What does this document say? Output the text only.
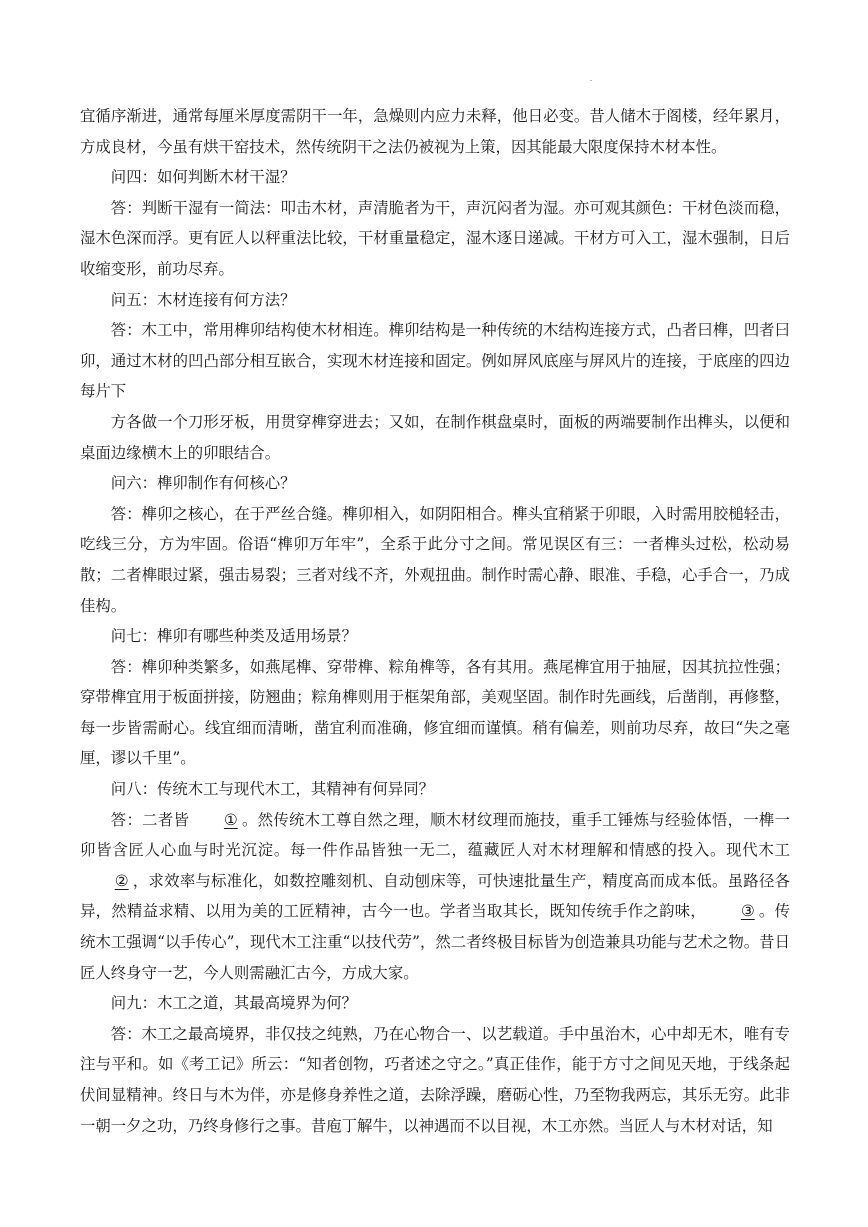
宜循序渐进，通常每厘米厚度需阴干一年，急燥则内应力未释，他日必变。昔人储木于阁楼，经年累月，方成良材，今虽有烘干窑技术，然传统阴干之法仍被视为上策，因其能最大限度保持木材本性。

问四：如何判断木材干湿？

答：判断干湿有一简法：叩击木材，声清脆者为干，声沉闷者为湿。亦可观其颜色：干材色淡而稳，湿木色深而浮。更有匠人以秤重法比较，干材重量稳定，湿木逐日递减。干材方可入工，湿木强制，日后收缩变形，前功尽弃。

问五：木材连接有何方法？

答：木工中，常用榫卯结构使木材相连。榫卯结构是一种传统的木结构连接方式，凸者曰榫，凹者曰卯，通过木材的凹凸部分相互嵌合，实现木材连接和固定。例如屏风底座与屏风片的连接，于底座的四边每片下

方各做一个刀形牙板，用贯穿榫穿进去；又如，在制作棋盘桌时，面板的两端要制作出榫头，以便和桌面边缘横木上的卯眼结合。

问六：榫卯制作有何核心？

答：榫卯之核心，在于严丝合缝。榫卯相入，如阴阳相合。榫头宜稍紧于卯眼，入时需用胶槌轻击，吃线三分，方为牢固。俗语“榫卯万年牢”，全系于此分寸之间。常见误区有三：一者榫头过松，松动易散；二者榫眼过紧，强击易裂；三者对线不齐，外观扭曲。制作时需心静、眼准、手稳，心手合一，乃成佳构。

问七：榫卯有哪些种类及适用场景？

答：榫卯种类繁多，如燕尾榫、穿带榫、粽角榫等，各有其用。燕尾榫宜用于抽屉，因其抗拉性强；穿带榫宜用于板面拼接，防翘曲；粽角榫则用于框架角部，美观坚固。制作时先画线，后凿削，再修整，每一步皆需耐心。线宜细而清晰，凿宜利而准确，修宜细而谨慎。稍有偏差，则前功尽弃，故曰“失之毫厘，谬以千里”。

问八：传统木工与现代木工，其精神有何异同？

答：二者皆 ① 。然传统木工尊自然之理，顺木材纹理而施技，重手工锤炼与经验体悟，一榫一卯皆含匠人心血与时光沉淀。每一件作品皆独一无二，蕴藏匠人对木材理解和情感的投入。现代木工② ，求效率与标准化，如数控雕刻机、自动刨床等，可快速批量生产，精度高而成本低。虽路径各异，然精益求精、以用为美的工匠精神，古今一也。学者当取其长，既知传统手作之韵味， ③ 。传统木工强调“以手传心”，现代木工注重“以技代劳”，然二者终极目标皆为创造兼具功能与艺术之物。昔日匠人终身守一艺，今人则需融汇古今，方成大家。

问九：木工之道，其最高境界为何？

答：木工之最高境界，非仅技之纯熟，乃在心物合一、以艺载道。手中虽治木，心中却无木，唯有专注与平和。如《考工记》所云：“知者创物，巧者述之守之。”真正佳作，能于方寸之间见天地，于线条起伏间显精神。终日与木为伴，亦是修身养性之道，去除浮躁，磨砺心性，乃至物我两忘，其乐无穷。此非一朝一夕之功，乃终身修行之事。昔庖丁解牛，以神遇而不以目视，木工亦然。当匠人与木材对话，知
